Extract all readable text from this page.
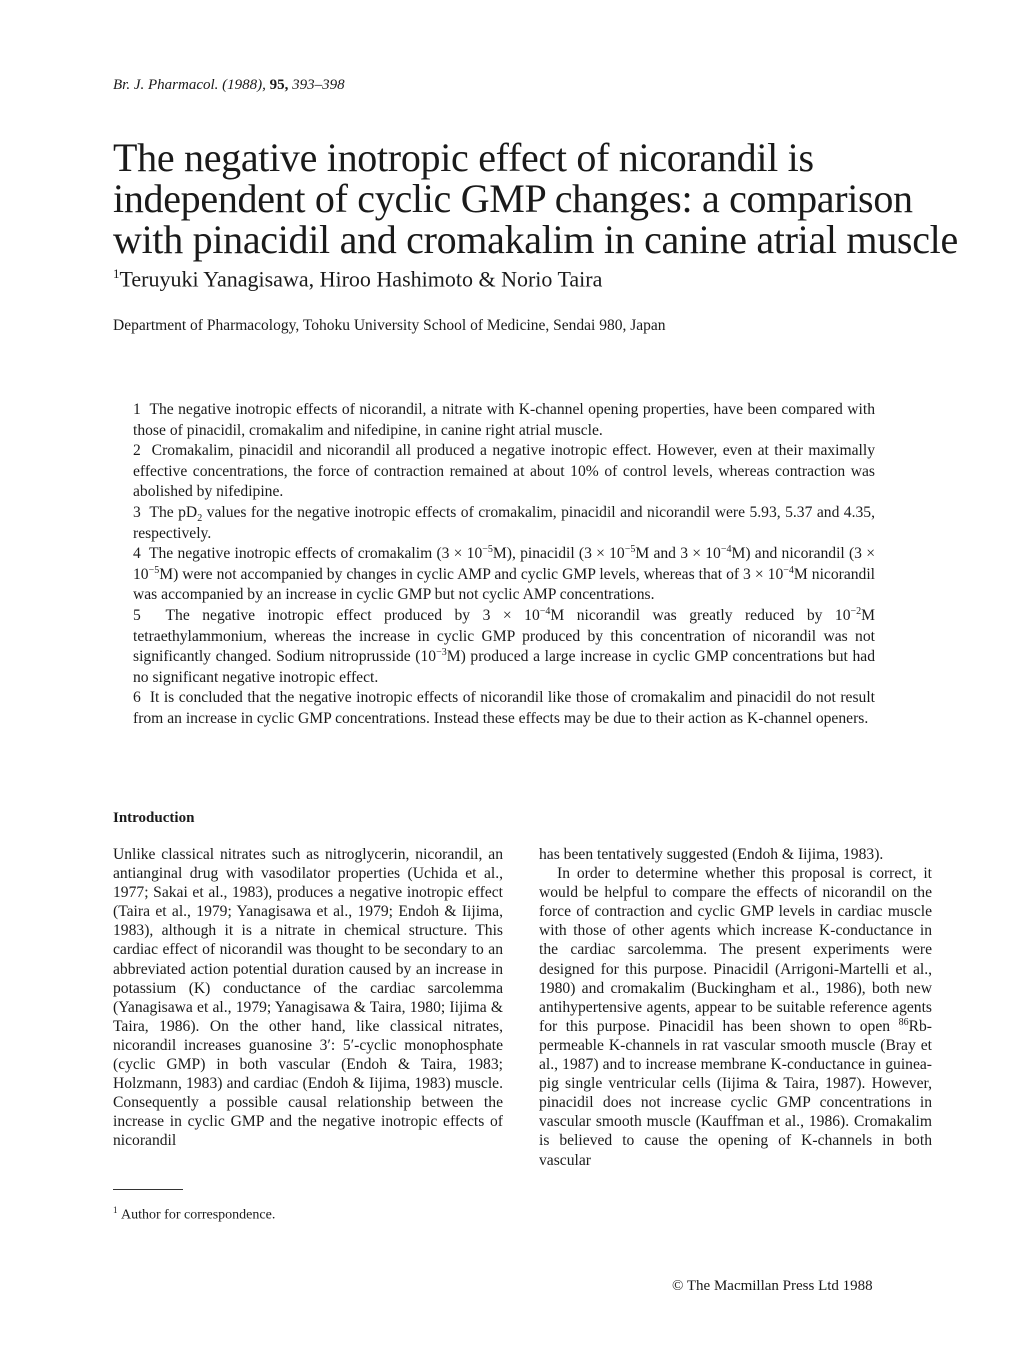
Br. J. Pharmacol. (1988), 95, 393–398
The negative inotropic effect of nicorandil is
independent of cyclic GMP changes: a comparison
with pinacidil and cromakalim in canine atrial muscle
$^1$Teruyuki Yanagisawa, Hiroo Hashimoto & Norio Taira
Department of Pharmacology, Tohoku University School of Medicine, Sendai 980, Japan

1 The negative inotropic effects of nicorandil, a nitrate with K-channel opening properties, have been compared with those of pinacidil, cromakalim and nifedipine, in canine right atrial muscle.

2 Cromakalim, pinacidil and nicorandil all produced a negative inotropic effect. However, even at their maximally effective concentrations, the force of contraction remained at about 10% of control levels, whereas contraction was abolished by nifedipine.

3 The $pD_2$ values for the negative inotropic effects of cromakalim, pinacidil and nicorandil were 5.93, 5.37 and 4.35, respectively.

4 The negative inotropic effects of cromakalim $(3 \times 10^{-5}M)$, pinacidil ($3 \times 10^{-5}M$ and $3 \times 10^{-4}M$) and nicorandil $(3 \times 10^{-5}M)$ were not accompanied by changes in cyclic AMP and cyclic GMP levels, whereas that of $3 \times 10^{-4}M$ nicorandil was accompanied by an increase in cyclic GMP but not cyclic AMP concentrations.

5 The negative inotropic effect produced by $3 \times 10^{-4}M$ nicorandil was greatly reduced by $10^{-2}M$ tetraethylammonium, whereas the increase in cyclic GMP produced by this concentration of nicorandil was not significantly changed. Sodium nitroprusside $(10^{-3}M)$ produced a large increase in cyclic GMP concentrations but had no significant negative inotropic effect.

6 It is concluded that the negative inotropic effects of nicorandil like those of cromakalim and pinacidil do not result from an increase in cyclic GMP concentrations. Instead these effects may be due to their action as K-channel openers.

Introduction

Unlike classical nitrates such as nitroglycerin, nicorandil, an antianginal drug with vasodilator properties (Uchida et al., 1977; Sakai et al., 1983), produces a negative inotropic effect (Taira et al., 1979; Yanagisawa et al., 1979; Endoh & Iijima, 1983), although it is a nitrate in chemical structure. This cardiac effect of nicorandil was thought to be secondary to an abbreviated action potential duration caused by an increase in potassium (K) conductance of the cardiac sarcolemma (Yanagisawa et al., 1979; Yanagisawa & Taira, 1980; Iijima & Taira, 1986). On the other hand, like classical nitrates, nicorandil increases guanosine 3′: 5′-cyclic monophosphate (cyclic GMP) in both vascular (Endoh & Taira, 1983; Holzmann, 1983) and cardiac (Endoh & Iijima, 1983) muscle. Consequently a possible causal relationship between the increase in cyclic GMP and the negative inotropic effects of nicorandil

has been tentatively suggested (Endoh & Iijima, 1983).

In order to determine whether this proposal is correct, it would be helpful to compare the effects of nicorandil on the force of contraction and cyclic GMP levels in cardiac muscle with those of other agents which increase K-conductance in the cardiac sarcolemma. The present experiments were designed for this purpose. Pinacidil (Arrigoni-Martelli et al., 1980) and cromakalim (Buckingham et al., 1986), both new antihypertensive agents, appear to be suitable reference agents for this purpose. Pinacidil has been shown to open $^{86}$Rb-permeable K-channels in rat vascular smooth muscle (Bray et al., 1987) and to increase membrane K-conductance in guinea-pig single ventricular cells (Iijima & Taira, 1987). However, pinacidil does not increase cyclic GMP concentrations in vascular smooth muscle (Kauffman et al., 1986). Cromakalim is believed to cause the opening of K-channels in both vascular

$^1$ Author for correspondence.
© The Macmillan Press Ltd 1988
